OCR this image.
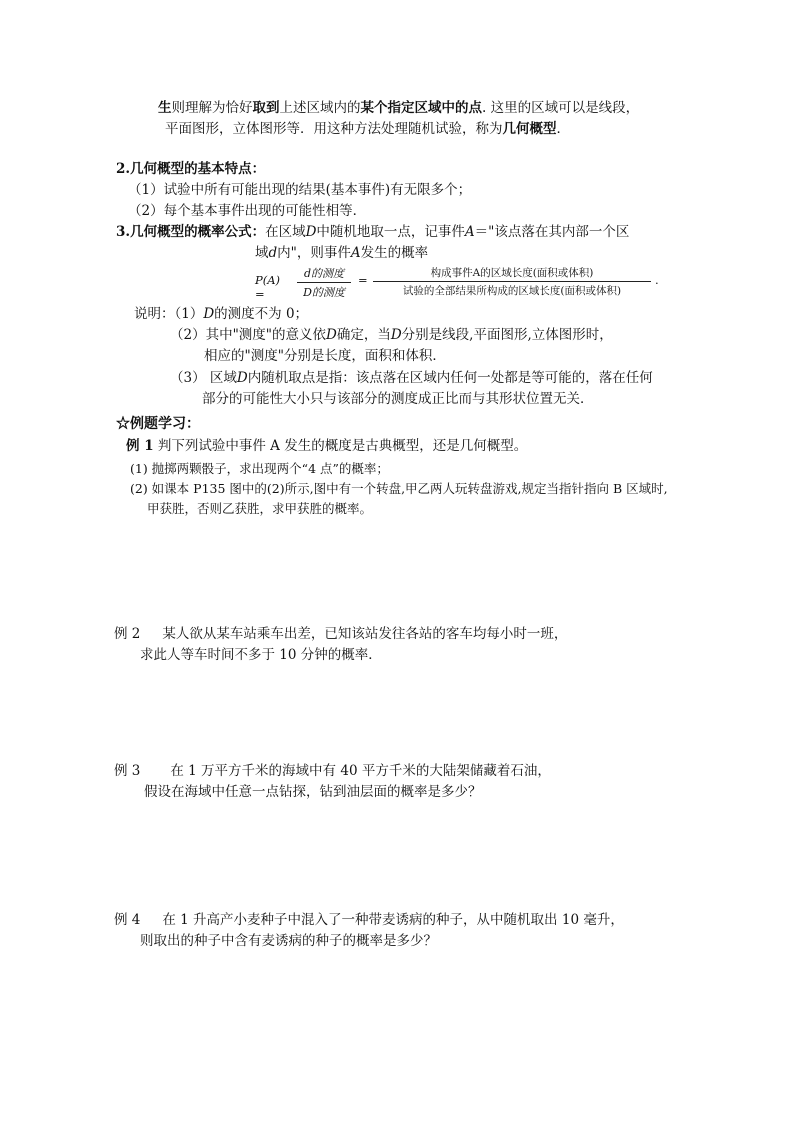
生则理解为恰好取到上述区域内的某个指定区域中的点. 这里的区域可以是线段，
平面图形，立体图形等．用这种方法处理随机试验，称为几何概型．
2.几何概型的基本特点：
（1）试验中所有可能出现的结果(基本事件)有无限多个；
（2）每个基本事件出现的可能性相等．
3.几何概型的概率公式：在区域D中随机地取一点，记事件A＝"该点落在其内部一个区
域d内"，则事件A发生的概率
P(A) =
d的测度
D的测度
=	构成事件A的区域长度(面积或体积)
试验的全部结果所构成的区域长度(面积或体积)
.
说明：（1）D的测度不为 0；
（2）其中"测度"的意义依D确定，当D分别是线段,平面图形,立体图形时，
相应的"测度"分别是长度，面积和体积．
（3） 区域D内随机取点是指：该点落在区域内任何一处都是等可能的，落在任何
部分的可能性大小只与该部分的测度成正比而与其形状位置无关．
☆例题学习：
例 1 判下列试验中事件 A 发生的概度是古典概型，还是几何概型。
(1) 抛掷两颗骰子，求出现两个“4 点”的概率；
(2) 如课本 P135 图中的(2)所示,图中有一个转盘,甲乙两人玩转盘游戏,规定当指针指向 B 区域时,
甲获胜，否则乙获胜，求甲获胜的概率。
例 2 某人欲从某车站乘车出差，已知该站发往各站的客车均每小时一班，
求此人等车时间不多于 10 分钟的概率．
例 3 在 1 万平方千米的海域中有 40 平方千米的大陆架储藏着石油，
假设在海域中任意一点钻探，钻到油层面的概率是多少？
例 4 在 1 升高产小麦种子中混入了一种带麦诱病的种子，从中随机取出 10 毫升，
则取出的种子中含有麦诱病的种子的概率是多少？
